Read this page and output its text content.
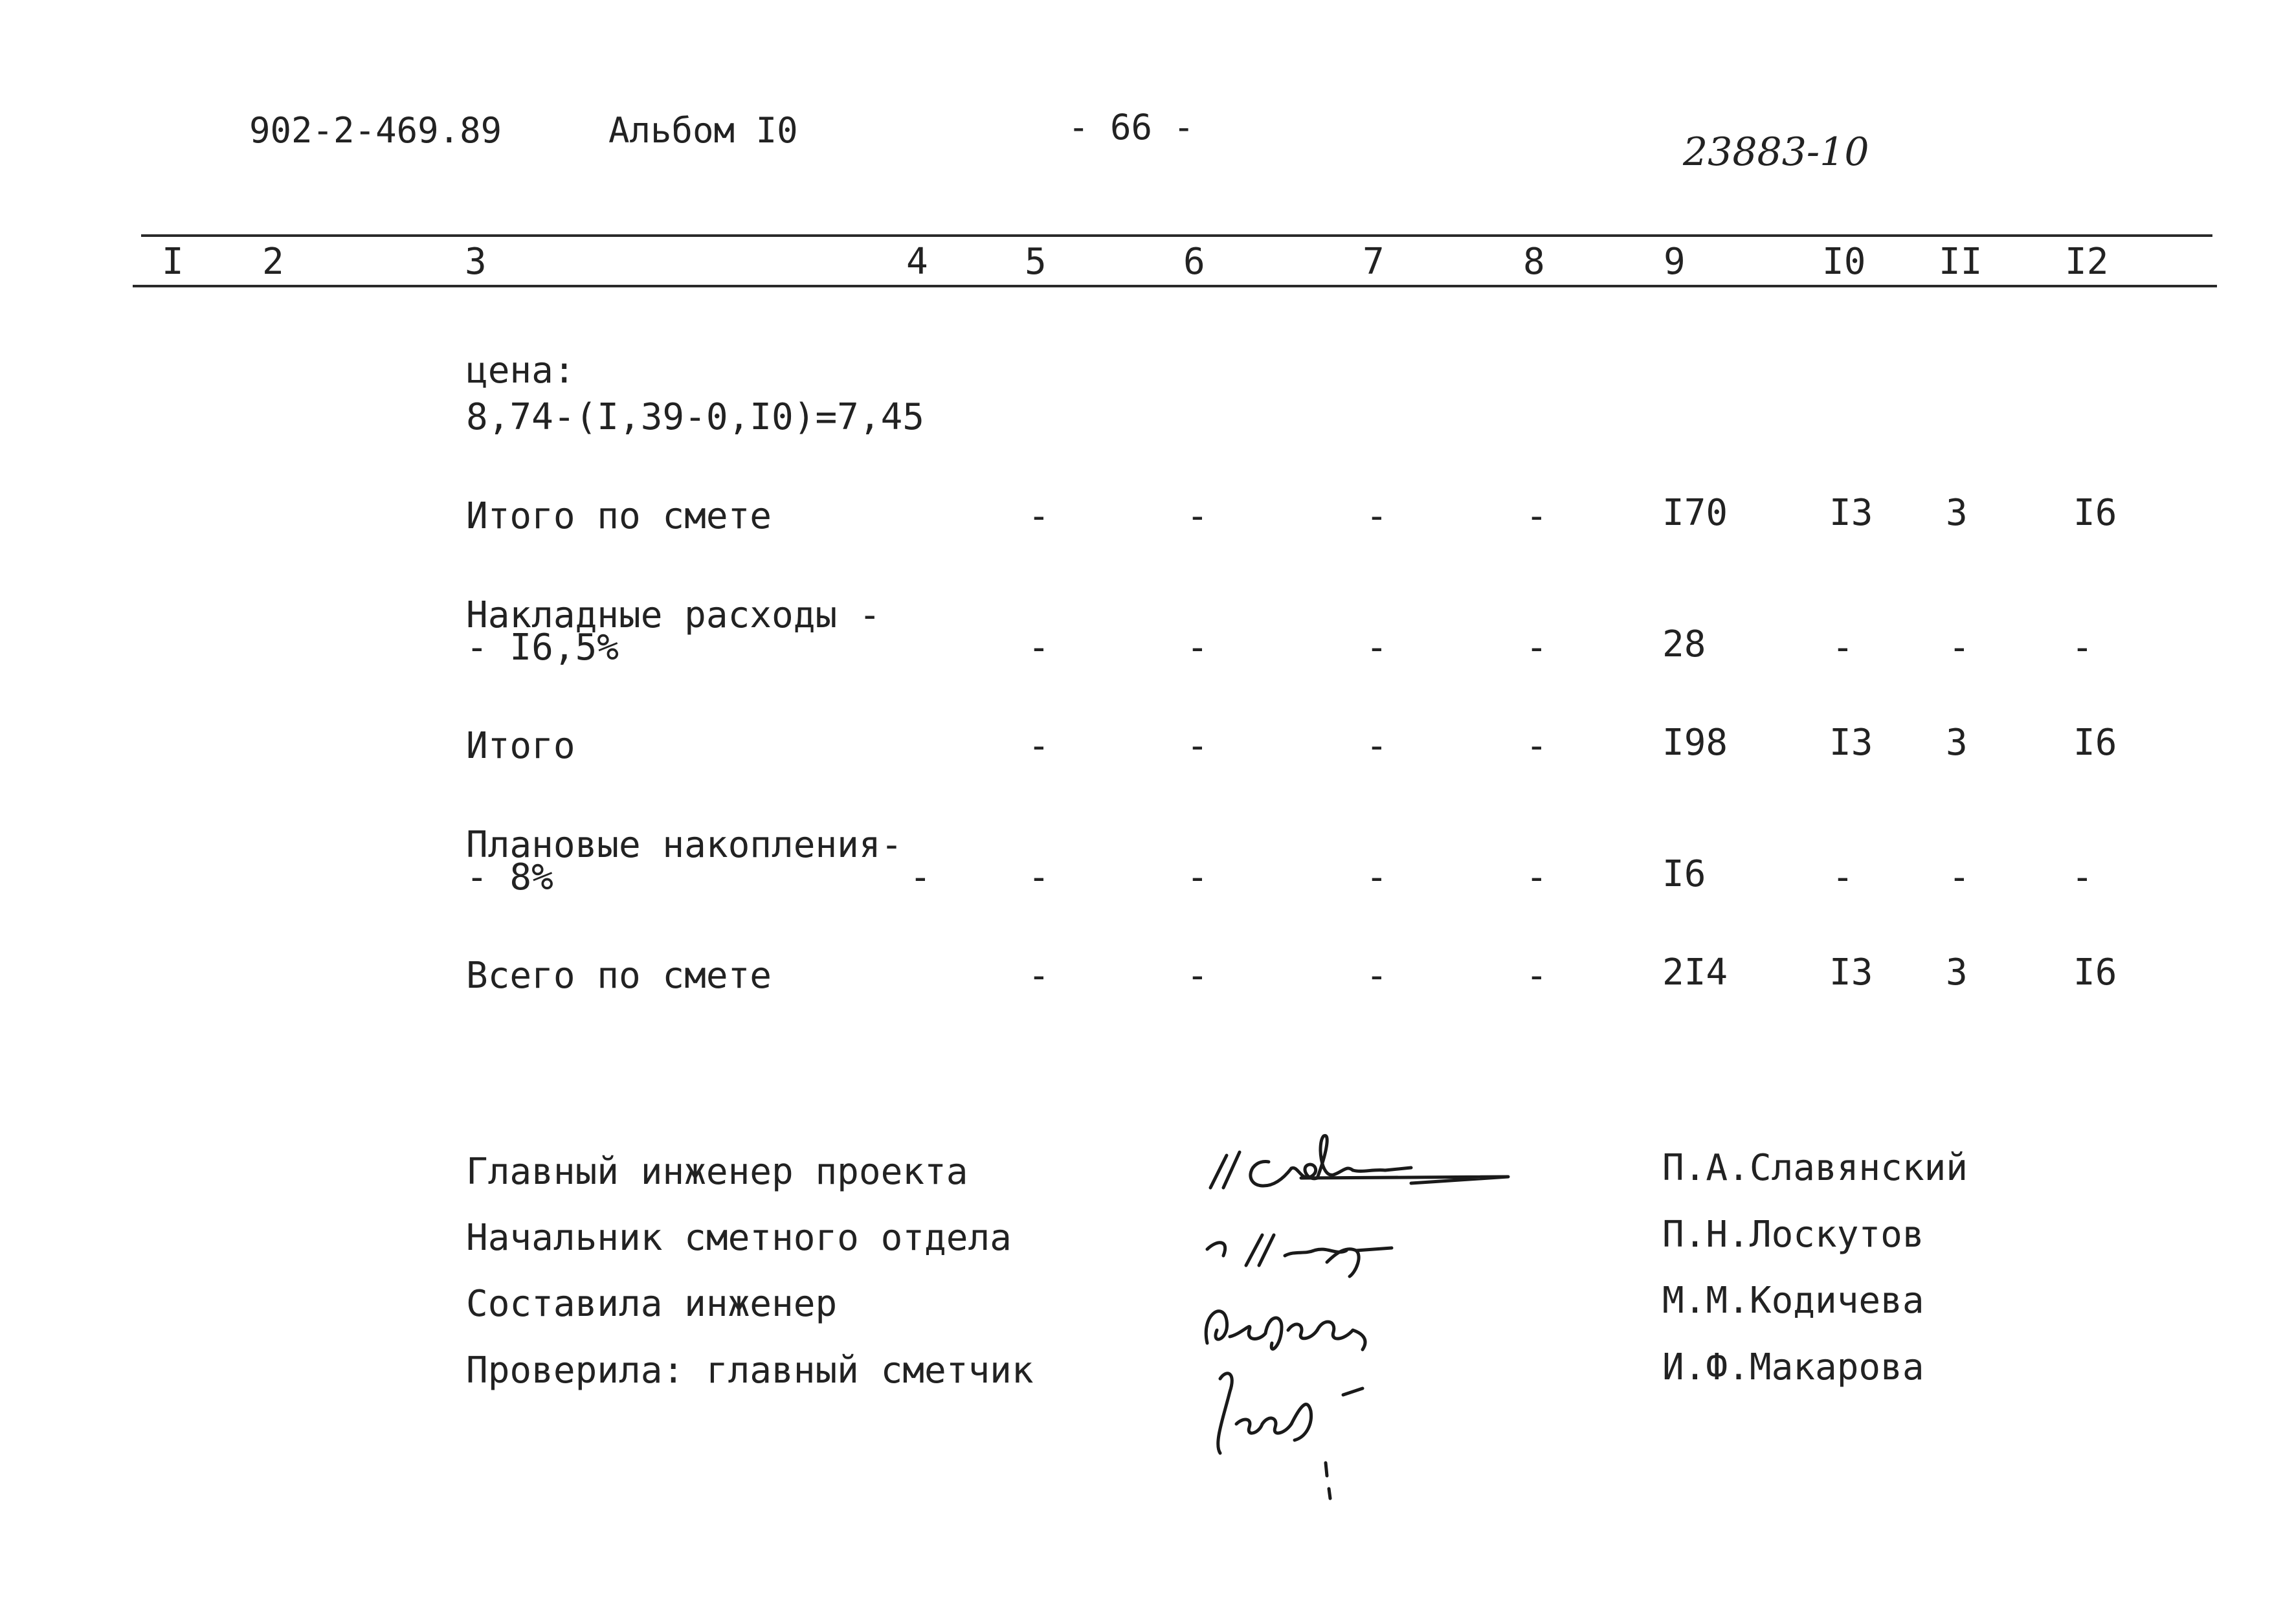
902-2-469.89	Альбом I0	- 66 -
23883-10
I 2	3	4	5	6	7	8	9	I0 II I2
цена:
8,74-(I,39-0,I0)=7,45
Итого по смете	-	-	-	-	I70	I3 3	I6
Накладные расходы -
- I6,5%	-	-	-	-	28	-	-	-
Итого	-	-	-	-	I98	I3 3	I6
Плановые накопления-
- 8%	-	-	-	-	-	I6	-	-	-
Всего по смете	-	-	-	-	2I4	I3 3	I6
Главный инженер проекта
Начальник сметного отдела
Составила инженер
Проверила: главный сметчик
П.А.Славянский
П.Н.Лоскутов
М.М.Кодичева
И.Ф.Макарова
